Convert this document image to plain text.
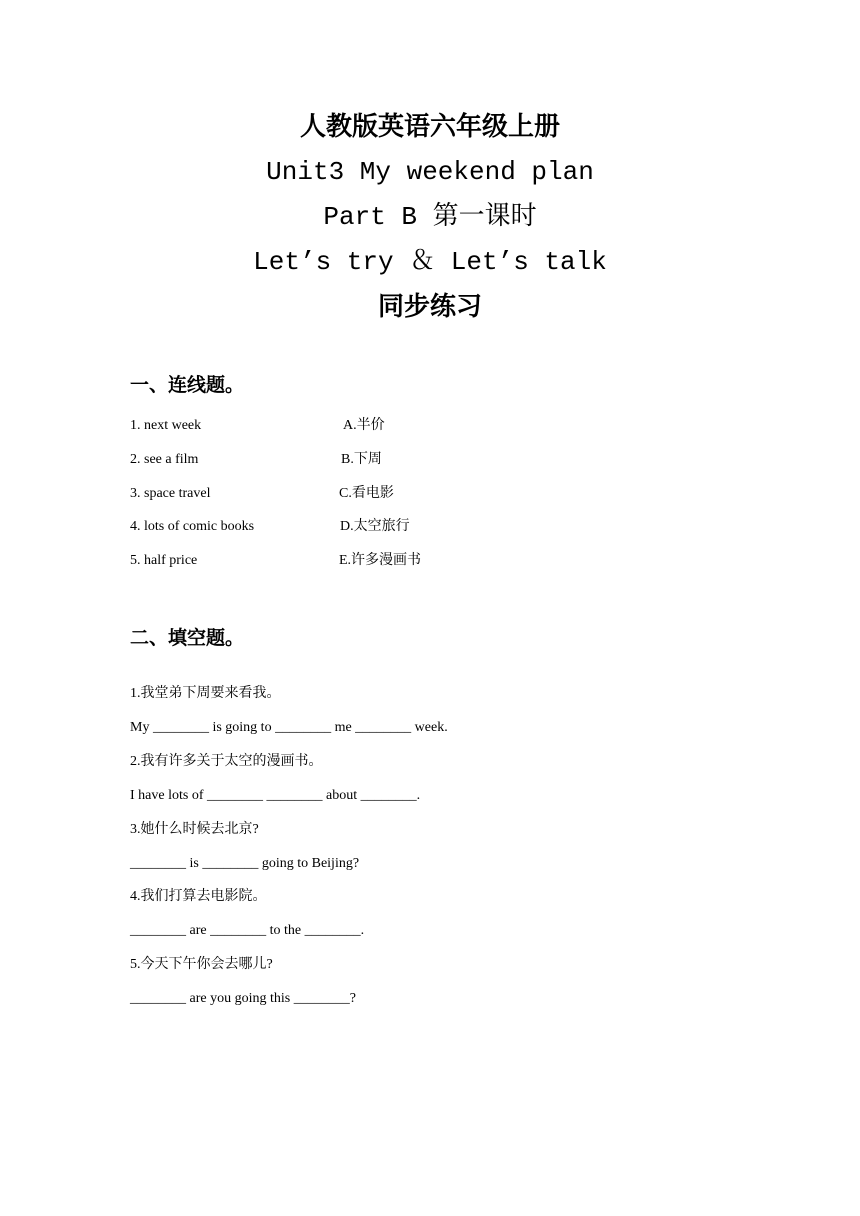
人教版英语六年级上册
Unit3 My weekend plan
Part B 第一课时
Let’s try ＆ Let’s talk
同步练习
一、连线题。
1. next week	A.半价
2. see a film	B.下周
3. space travel	C.看电影
4. lots of comic books	D.太空旅行
5. half price	E.许多漫画书
二、填空题。
1.我堂弟下周要来看我。
My ________ is going to ________ me ________ week.
2.我有许多关于太空的漫画书。
I have lots of ________ ________ about ________.
3.她什么时候去北京?
________ is ________ going to Beijing?
4.我们打算去电影院。
________ are ________ to the ________.
5.今天下午你会去哪儿?
________ are you going this ________?
